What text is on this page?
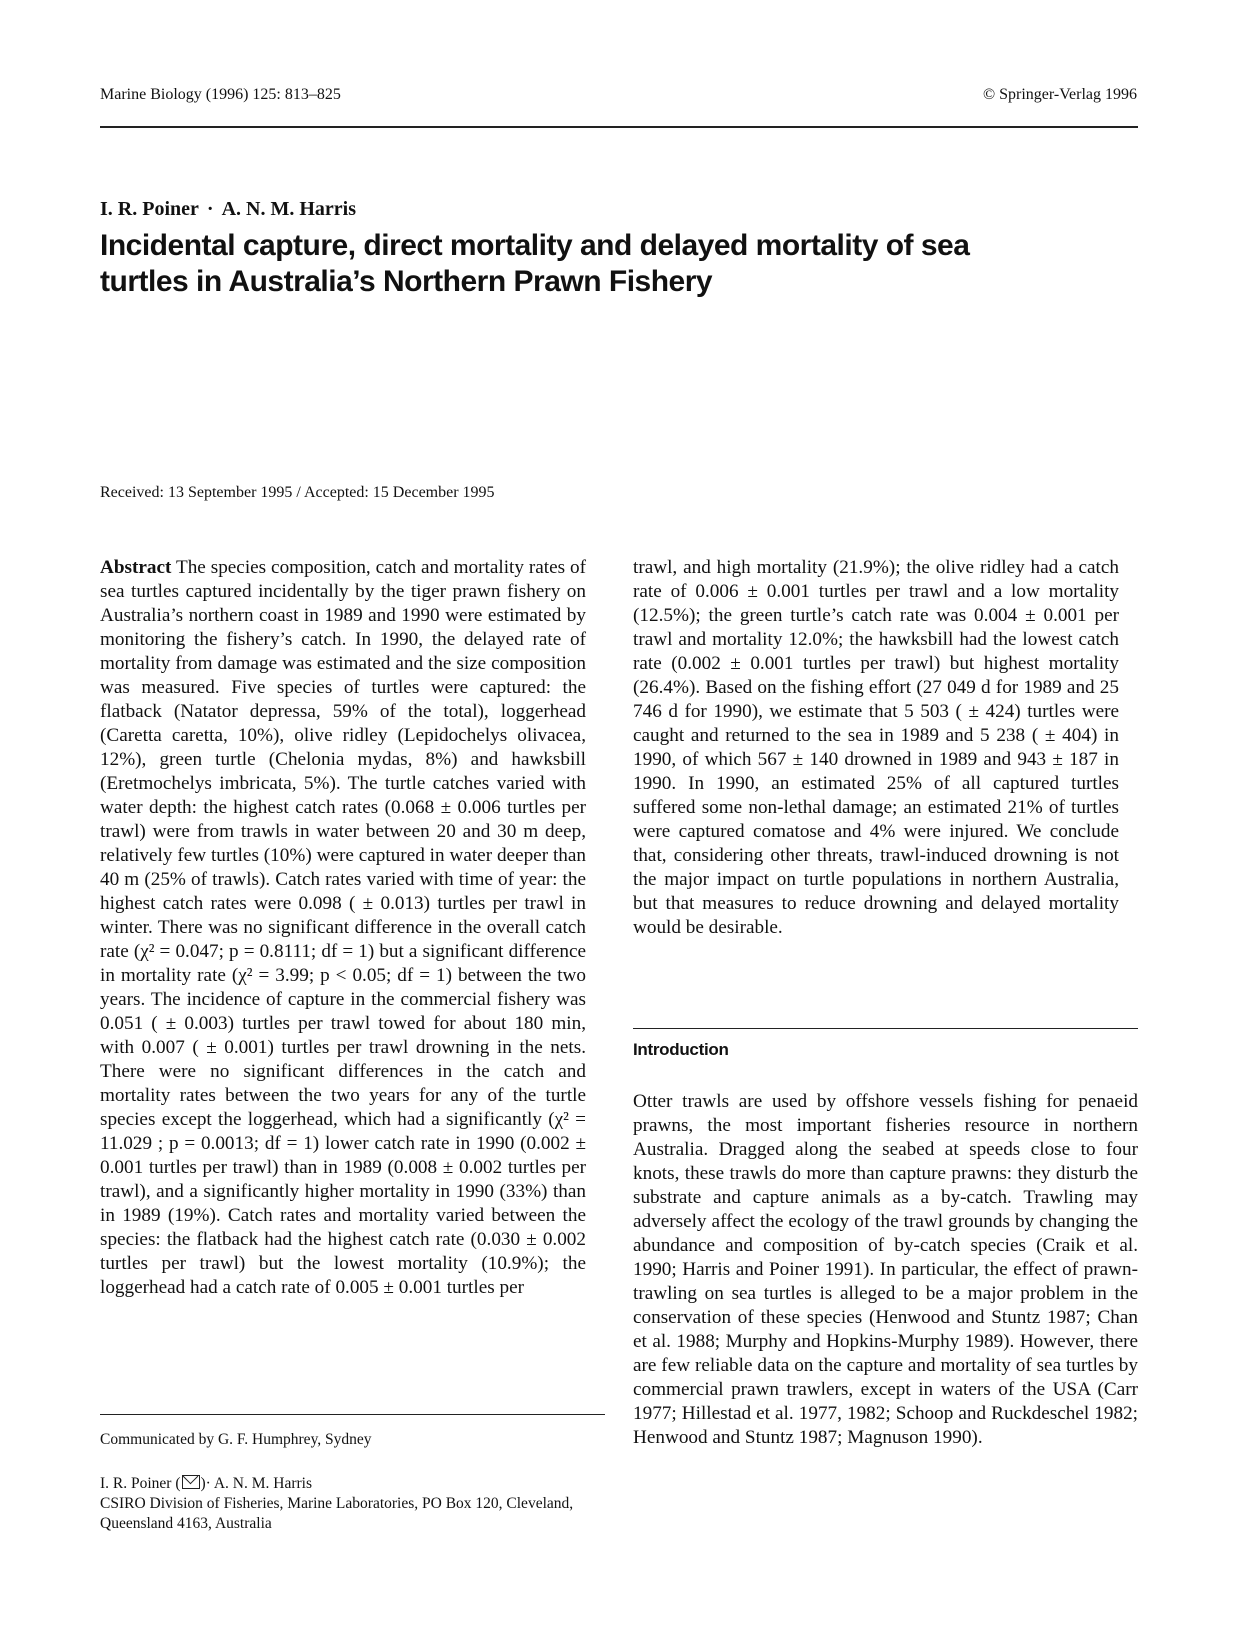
Marine Biology (1996) 125: 813–825	© Springer-Verlag 1996
I. R. Poiner · A. N. M. Harris
Incidental capture, direct mortality and delayed mortality of sea turtles in Australia’s Northern Prawn Fishery
Received: 13 September 1995 / Accepted: 15 December 1995

Abstract The species composition, catch and mortality rates of sea turtles captured incidentally by the tiger prawn fishery on Australia’s northern coast in 1989 and 1990 were estimated by monitoring the fishery’s catch. In 1990, the delayed rate of mortality from damage was estimated and the size composition was measured. Five species of turtles were captured: the flatback (Natator depressa, 59% of the total), loggerhead (Caretta caretta, 10%), olive ridley (Lepidochelys olivacea, 12%), green turtle (Chelonia mydas, 8%) and hawksbill (Eretmochelys imbricata, 5%). The turtle catches varied with water depth: the highest catch rates (0.068 ± 0.006 turtles per trawl) were from trawls in water between 20 and 30 m deep, relatively few turtles (10%) were captured in water deeper than 40 m (25% of trawls). Catch rates varied with time of year: the highest catch rates were 0.098 ( ± 0.013) turtles per trawl in winter. There was no significant difference in the overall catch rate (χ² = 0.047; p = 0.8111; df = 1) but a significant difference in mortality rate (χ² = 3.99; p < 0.05; df = 1) between the two years. The incidence of capture in the commercial fishery was 0.051 ( ± 0.003) turtles per trawl towed for about 180 min, with 0.007 ( ± 0.001) turtles per trawl drowning in the nets. There were no significant differences in the catch and mortality rates between the two years for any of the turtle species except the loggerhead, which had a significantly (χ² = 11.029 ; p = 0.0013; df = 1) lower catch rate in 1990 (0.002 ± 0.001 turtles per trawl) than in 1989 (0.008 ± 0.002 turtles per trawl), and a significantly higher mortality in 1990 (33%) than in 1989 (19%). Catch rates and mortality varied between the species: the flatback had the highest catch rate (0.030 ± 0.002 turtles per trawl) but the lowest mortality (10.9%); the loggerhead had a catch rate of 0.005 ± 0.001 turtles per

trawl, and high mortality (21.9%); the olive ridley had a catch rate of 0.006 ± 0.001 turtles per trawl and a low mortality (12.5%); the green turtle’s catch rate was 0.004 ± 0.001 per trawl and mortality 12.0%; the hawksbill had the lowest catch rate (0.002 ± 0.001 turtles per trawl) but highest mortality (26.4%). Based on the fishing effort (27 049 d for 1989 and 25 746 d for 1990), we estimate that 5 503 ( ± 424) turtles were caught and returned to the sea in 1989 and 5 238 ( ± 404) in 1990, of which 567 ± 140 drowned in 1989 and 943 ± 187 in 1990. In 1990, an estimated 25% of all captured turtles suffered some non-lethal damage; an estimated 21% of turtles were captured comatose and 4% were injured. We conclude that, considering other threats, trawl-induced drowning is not the major impact on turtle populations in northern Australia, but that measures to reduce drowning and delayed mortality would be desirable.

Introduction
Otter trawls are used by offshore vessels fishing for penaeid prawns, the most important fisheries resource in northern Australia. Dragged along the seabed at speeds close to four knots, these trawls do more than capture prawns: they disturb the substrate and capture animals as a by-catch. Trawling may adversely affect the ecology of the trawl grounds by changing the abundance and composition of by-catch species (Craik et al. 1990; Harris and Poiner 1991). In particular, the effect of prawn-trawling on sea turtles is alleged to be a major problem in the conservation of these species (Henwood and Stuntz 1987; Chan et al. 1988; Murphy and Hopkins-Murphy 1989). However, there are few reliable data on the capture and mortality of sea turtles by commercial prawn trawlers, except in waters of the USA (Carr 1977; Hillestad et al. 1977, 1982; Schoop and Ruckdeschel 1982; Henwood and Stuntz 1987; Magnuson 1990).
Communicated by G. F. Humphrey, Sydney
I. R. Poiner ( )· A. N. M. Harris
CSIRO Division of Fisheries, Marine Laboratories, PO Box 120, Cleveland, Queensland 4163, Australia
